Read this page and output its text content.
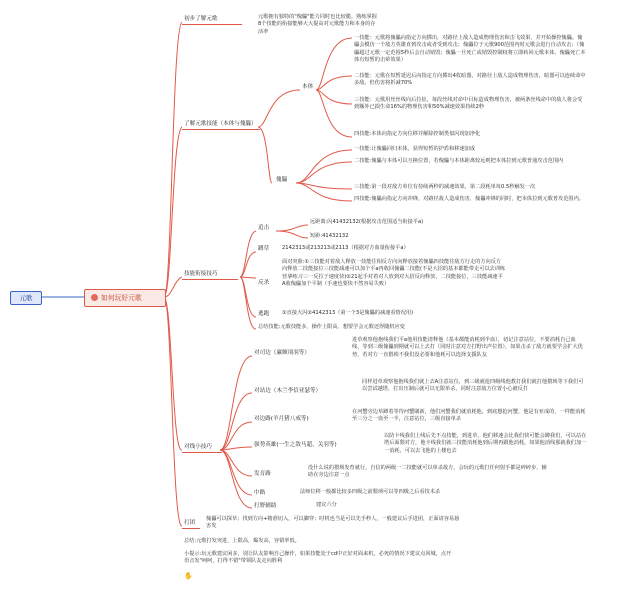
元歌	如何玩好元歌
初步了解元歌	元歌拥有独特的"傀儡"能力同时也比较脆。熟练掌握8个技能的衔接能够大大提高对元歌能力和本身的存活率
了解元歌技能（本体与傀儡）
本体
一技能：元歌将傀儡向指定方向掷出，对路径上敌人造成物理伤害和击飞效果，并开始操控傀儡。傀儡会模仿一个敌方英雄直到攻击或者受到攻击；傀儡位于元歌900范围内时元歌会进行自动攻击；（傀儡超过元歌一定范围5秒后会自动销毁；傀儡一旦死亡或销毁控制权将立即转回元歌本体，傀儡死亡本体有短暂的击晕效果）
二技能：元歌在短暂延迟后向指定方向掷出4枚暗器，对路径上敌人造成物理伤害，暗器可以连续命中多敌，但伤害将折减70%
三技能：元歌用丝丝线向后拉扯，每段丝线对命中目标造成物理伤害，被两条丝线命中的敌人将会受到额外已损生命16%的物理伤害和50%减速效果持续2秒
四技能:本体向指定方向位移并解除控制类似闪现加净化
傀儡
一技能:让傀儡回归本体，获得短暂的护盾和移速加成
二技能:傀儡与本体可以互换位置，若傀儡与本体距离较远则把本体拉到元歌普通攻击范围内
三技能:第一段对敌方单位有持续两秒的减速效果，第二段耗单每0.5秒触发一次
四技能:傀儡向指定方向冲锋，对路径敌人造成伤害，傀儡冲锋的同时，把本体拉到元歌普攻范围内。
技能衔接技巧
追击
远距离:闪41432132(根据攻击范围适当衔接平a)
短距:41432132
蹲草 2142313或213213或2113（根据对方血量衔接平a）
反杀
面对突脸:①三技能对着敌人释放一技能往相反方向向释放接着傀儡四技能往敌方行走的方向反方向释放二技能接位三技能减速可以加个平a再收回傀儡二技能(不是大招的基本都能带走可以去训练营拿练习三一反拉于速度快)②21起手对着对人放到对大招反向释放，二技能接位，三技能减速平A收傀儡加个平制（手速也要快不然容易失败）
逃跑 ①直接大闪②4142313（第一个3是傀儡的减速看情况用)
总结技能:元歌技能多，操作上限高，想要学会元歌还得随机应变
对线小技巧
对司边（廉颇项羽等）
进草观察他抱线我们平a他用技能清释他（基本都能消耗到半血），切记注意站位，不要消耗自己血线，等到三级傀儡到期就可以上去打（同时注意对方打野出声位置），如果击杀了敌方就要学会扩大优势，若对方一直猥琐不我们没必要和他耗可以选择支援队友
对站边（木兰李信亚瑟等）
同样进草观察他抱线我们就上去A注意站位，到三级就抢四级线他教打我们就打他猥琐等下我们可以尝试越塔，打出压制后就可以无限单杀，同时注意敌方位置小心被反打
对边路(羊月猪八戒等)
在河蟹旁边草蹲着等待河蟹刷新，他们河蟹我们就消耗他，到底想抢河蟹，他是有亚成的，一样能消耗至三分之一血至一半，注意站位，三级直接单杀
强势英雄(一生之敌马超，关羽等)
以防卡线我们上线后先不点技能，到进草，他们移速会比我们快可能会蹲我们，可以站在塔后面猥对方，他卡线我们就三技能消耗他到后期再跟他消耗，如果他消线那就我们加一一消耗，可以去飞他的上楼也去
发育路
没什么说的猥琐发育就行，自信的两级一二技能就可以单杀敌方，会玩的元歌打任何射手都是碎碎步，辅助在旁边注意一点
中路	法师位移一般都比较多四级之前猥琐可以等四级之后看技术杀
打野辅助	建议六分
打团
傀儡可以探草；找到方向+精准切入，可以脚穿；时机也当是可以先手秒人，一般建议后手进团，正面请容易悬害发
总结:元歌打发突进，上限高，爆发高，容错率低。
小提示:玩元歌建议闲多，别让队友影响自己操作，如果技能处于cd中正好对面来机，必死的情况下建议点回城，点开语音发"呵呵，打得不错"带领队友走向胜利
✋
